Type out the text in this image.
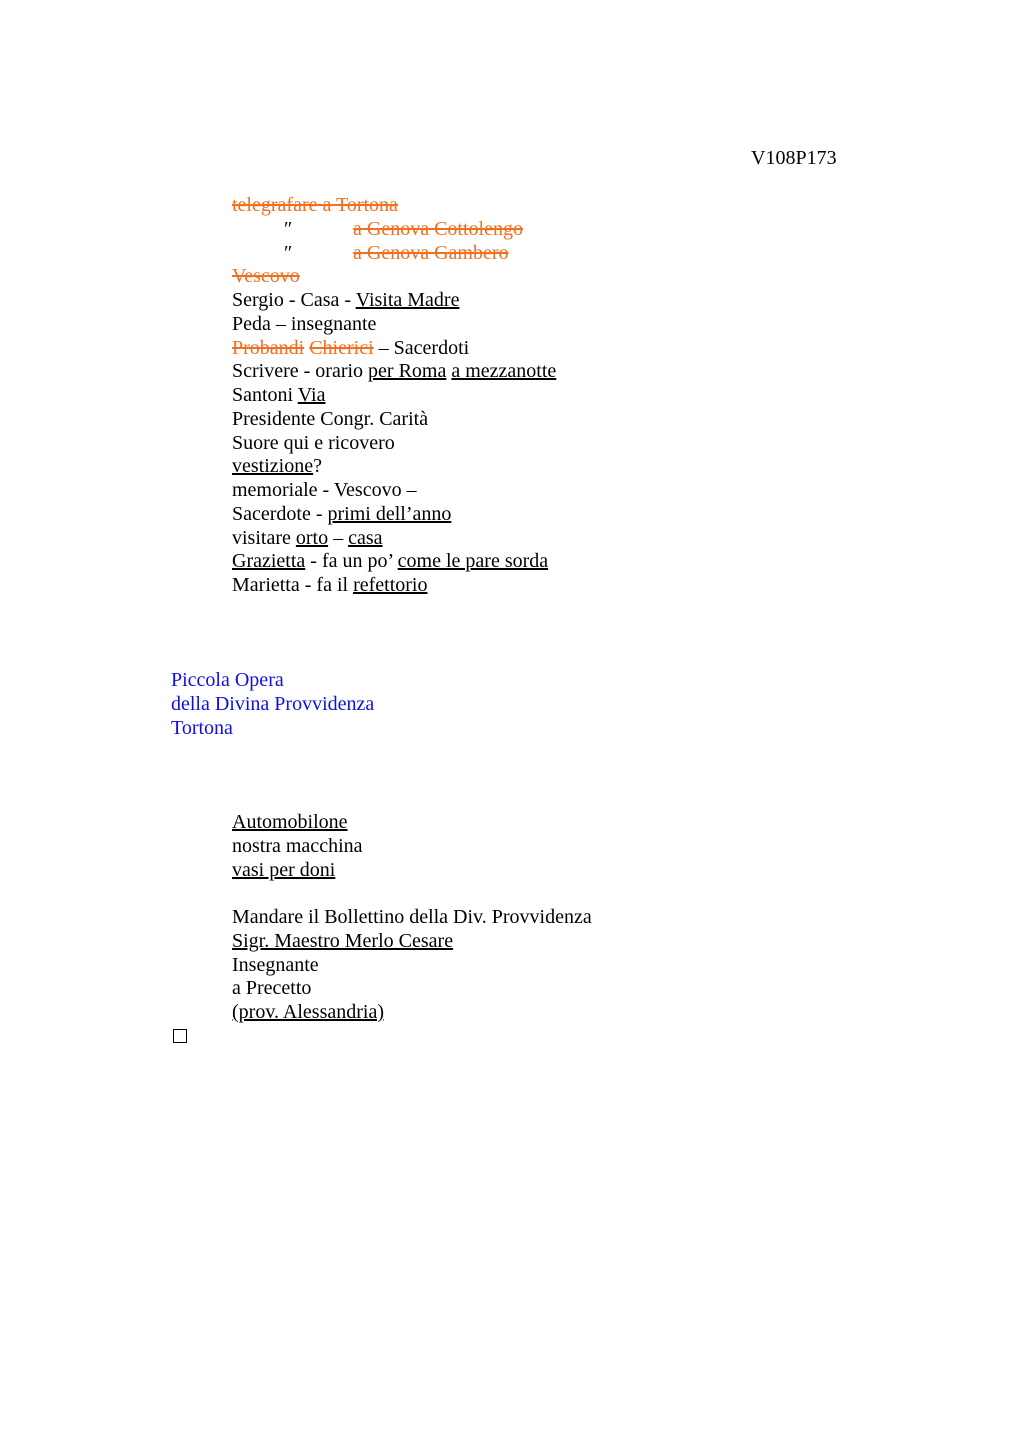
V108P173
telegrafare a Tortona
″	a Genova Cottolengo
″	a Genova Gambero
Vescovo
Sergio - Casa - Visita Madre
Peda – insegnante
Probandi Chierici – Sacerdoti
Scrivere - orario per Roma a mezzanotte
Santoni Via
Presidente Congr. Carità
Suore qui e ricovero
vestizione?
memoriale - Vescovo –
Sacerdote - primi dell’anno
visitare orto – casa
Grazietta - fa un po’ come le pare sorda
Marietta - fa il refettorio
Piccola Opera
della Divina Provvidenza
Tortona
Automobilone
nostra macchina
vasi per doni
Mandare il Bollettino della Div. Provvidenza
Sigr. Maestro Merlo Cesare
Insegnante
a Precetto
(prov. Alessandria)
